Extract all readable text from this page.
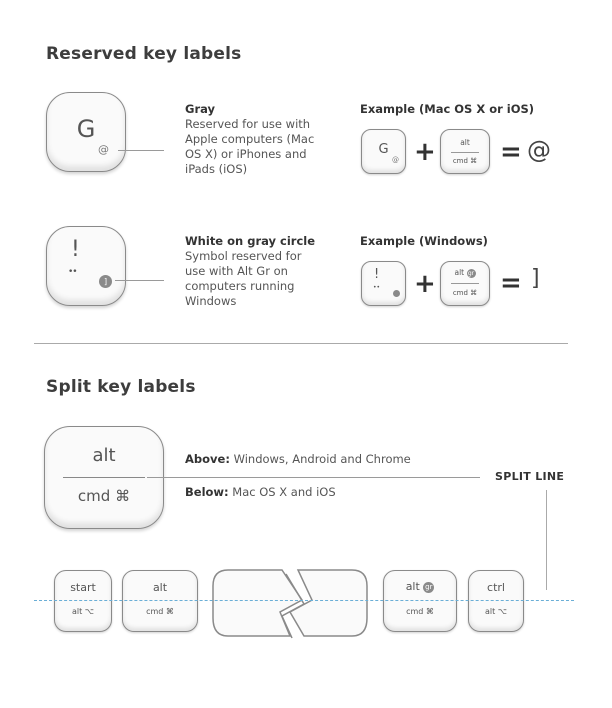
Reserved key labels
G
@
Gray
Reserved for use with Apple computers (Mac OS X) or iPhones and iPads (iOS)
Example (Mac OS X or iOS)
G
@ +	alt
cmd ⌘ = @
!
••
]
White on gray circle
Symbol reserved for use with Alt Gr on computers running Windows
Example (Windows)
!
•• +	alt gr
cmd ⌘ = ]
Split key labels
alt
cmd ⌘
Above: Windows, Android and Chrome
Below: Mac OS X and iOS
SPLIT LINE
start
alt ⌥
alt
cmd ⌘
alt gr
cmd ⌘
ctrl
alt ⌥
